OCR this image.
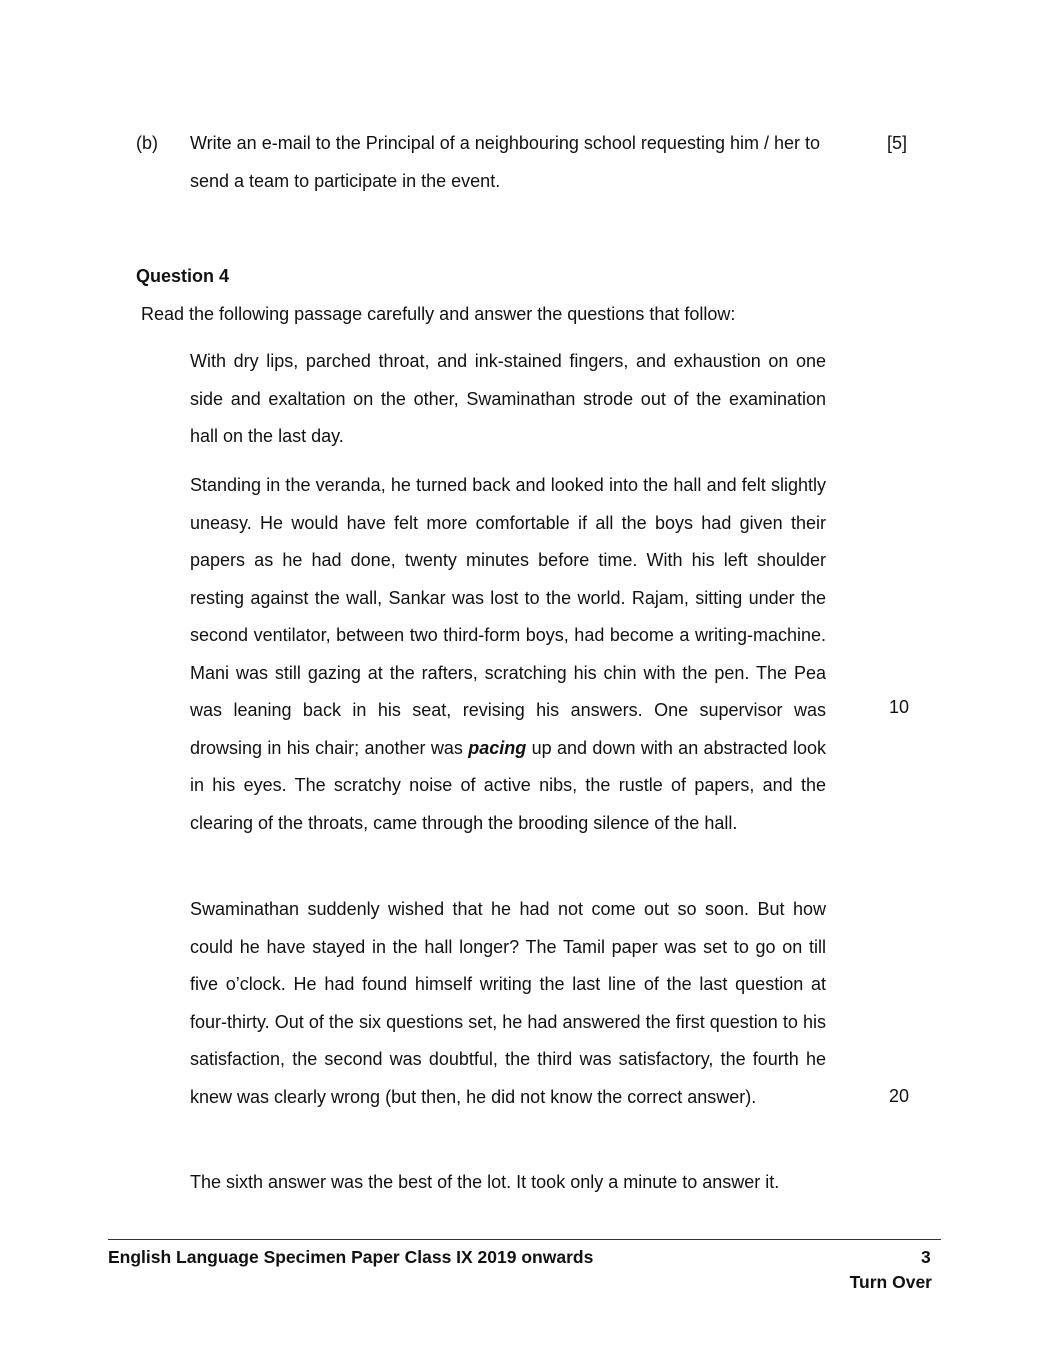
(b) Write an e-mail to the Principal of a neighbouring school requesting him / her to send a team to participate in the event.
[5]
Question 4
Read the following passage carefully and answer the questions that follow:
With dry lips, parched throat, and ink-stained fingers, and exhaustion on one side and exaltation on the other, Swaminathan strode out of the examination hall on the last day.
Standing in the veranda, he turned back and looked into the hall and felt slightly uneasy. He would have felt more comfortable if all the boys had given their papers as he had done, twenty minutes before time. With his left shoulder resting against the wall, Sankar was lost to the world. Rajam, sitting under the second ventilator, between two third-form boys, had become a writing-machine. Mani was still gazing at the rafters, scratching his chin with the pen. The Pea was leaning back in his seat, revising his answers. One supervisor was drowsing in his chair; another was pacing up and down with an abstracted look in his eyes. The scratchy noise of active nibs, the rustle of papers, and the clearing of the throats, came through the brooding silence of the hall.
10
Swaminathan suddenly wished that he had not come out so soon. But how could he have stayed in the hall longer? The Tamil paper was set to go on till five o’clock. He had found himself writing the last line of the last question at four-thirty. Out of the six questions set, he had answered the first question to his satisfaction, the second was doubtful, the third was satisfactory, the fourth he knew was clearly wrong (but then, he did not know the correct answer).	20
The sixth answer was the best of the lot. It took only a minute to answer it.
English Language Specimen Paper Class IX 2019 onwards	3
Turn Over
